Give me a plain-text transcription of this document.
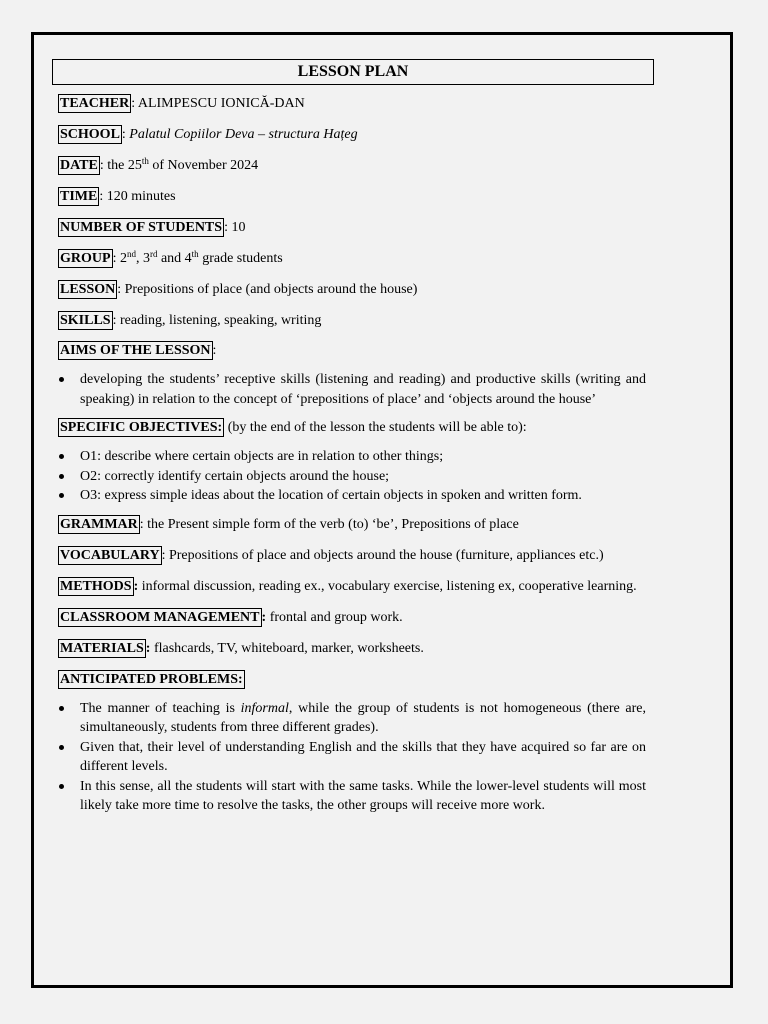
LESSON PLAN
TEACHER : ALIMPESCU IONICĂ-DAN
SCHOOL : Palatul Copiilor Deva – structura Hațeg
DATE : the 25th of November 2024
TIME : 120 minutes
NUMBER OF STUDENTS : 10
GROUP : 2nd, 3rd and 4th grade students
LESSON : Prepositions of place (and objects around the house)
SKILLS : reading, listening, speaking, writing
AIMS OF THE LESSON :
developing the students’ receptive skills (listening and reading) and productive skills (writing and speaking) in relation to the concept of ‘prepositions of place’ and ‘objects around the house’
SPECIFIC OBJECTIVES: (by the end of the lesson the students will be able to):
O1: describe where certain objects are in relation to other things;
O2: correctly identify certain objects around the house;
O3: express simple ideas about the location of certain objects in spoken and written form.
GRAMMAR : the Present simple form of the verb (to) ‘be’, Prepositions of place
VOCABULARY : Prepositions of place and objects around the house (furniture, appliances etc.)
METHODS : informal discussion, reading ex., vocabulary exercise, listening ex, cooperative learning.
CLASSROOM MANAGEMENT : frontal and group work.
MATERIALS : flashcards, TV, whiteboard, marker, worksheets.
ANTICIPATED PROBLEMS:
The manner of teaching is informal, while the group of students is not homogeneous (there are, simultaneously, students from three different grades).
Given that, their level of understanding English and the skills that they have acquired so far are on different levels.
In this sense, all the students will start with the same tasks. While the lower-level students will most likely take more time to resolve the tasks, the other groups will receive more work.
